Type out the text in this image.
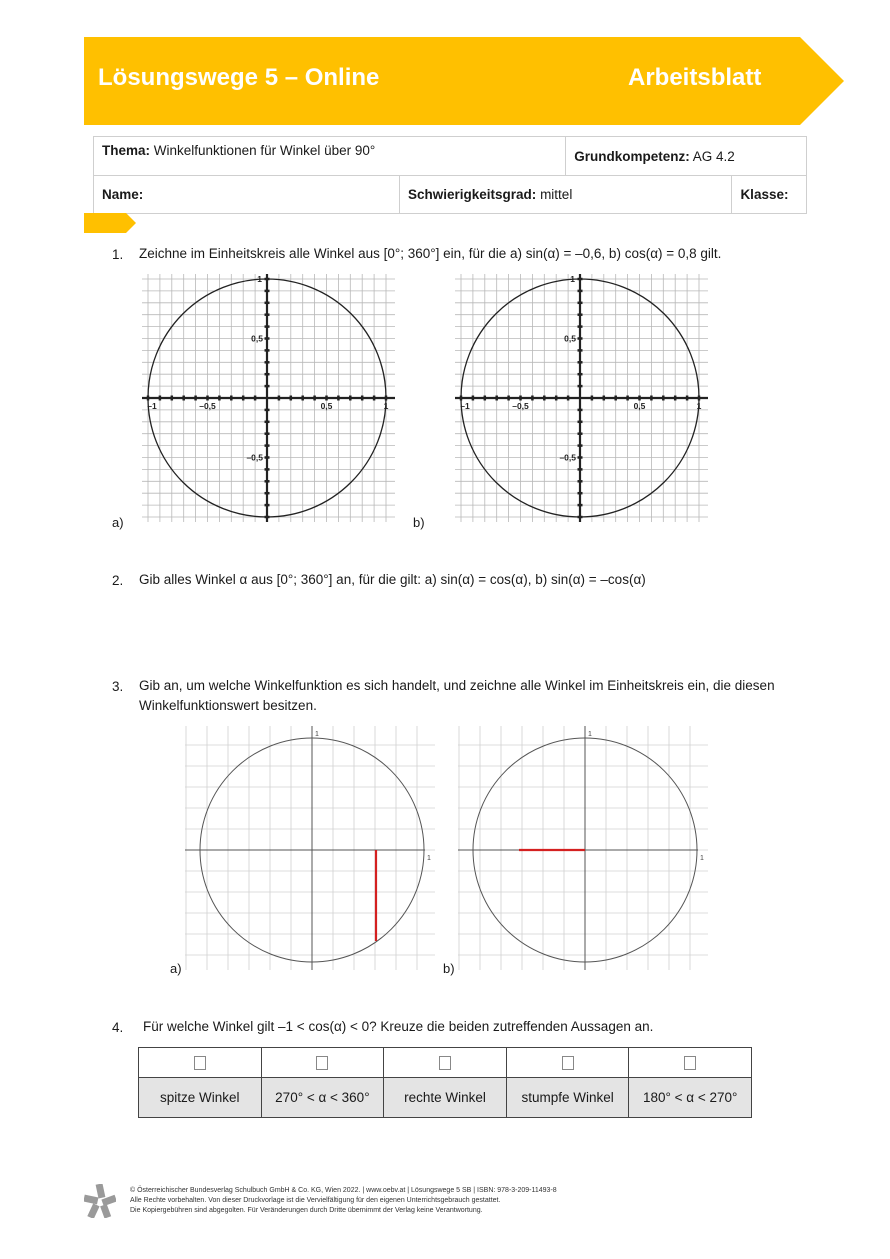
Lösungswege 5 – Online	Arbeitsblatt
Thema: Winkelfunktionen für Winkel über 90°		Grundkompetenz: AG 4.2	
Name:	Schwierigkeitsgrad: mittel		Klasse:
1. Zeichne im Einheitskreis alle Winkel aus [0°; 360°] ein, für die a) sin(α) = –0,6, b) cos(α) = 0,8 gilt.
1
0,5
–0,5
–1	–0,5	0,5	1
1
0,5
–0,5
–1	–0,5	0,5	1
a)	b)
2. Gib alles Winkel α aus [0°; 360°] an, für die gilt: a) sin(α) = cos(α), b) sin(α) = –cos(α)
3. Gib an, um welche Winkelfunktion es sich handelt, und zeichne alle Winkel im Einheitskreis ein, die diesen
Winkelfunktionswert besitzen.
1
1
1
1
a)	b)
4. Für welche Winkel gilt –1 < cos(α) < 0? Kreuze die beiden zutreffenden Aussagen an.

spitze Winkel	270° < α < 360°	rechte Winkel	stumpfe Winkel	180° < α < 270°
© Österreichischer Bundesverlag Schulbuch GmbH & Co. KG, Wien 2022. | www.oebv.at | Lösungswege 5 SB | ISBN: 978-3-209-11493-8
Alle Rechte vorbehalten. Von dieser Druckvorlage ist die Vervielfältigung für den eigenen Unterrichtsgebrauch gestattet.
Die Kopiergebühren sind abgegolten. Für Veränderungen durch Dritte übernimmt der Verlag keine Verantwortung.
